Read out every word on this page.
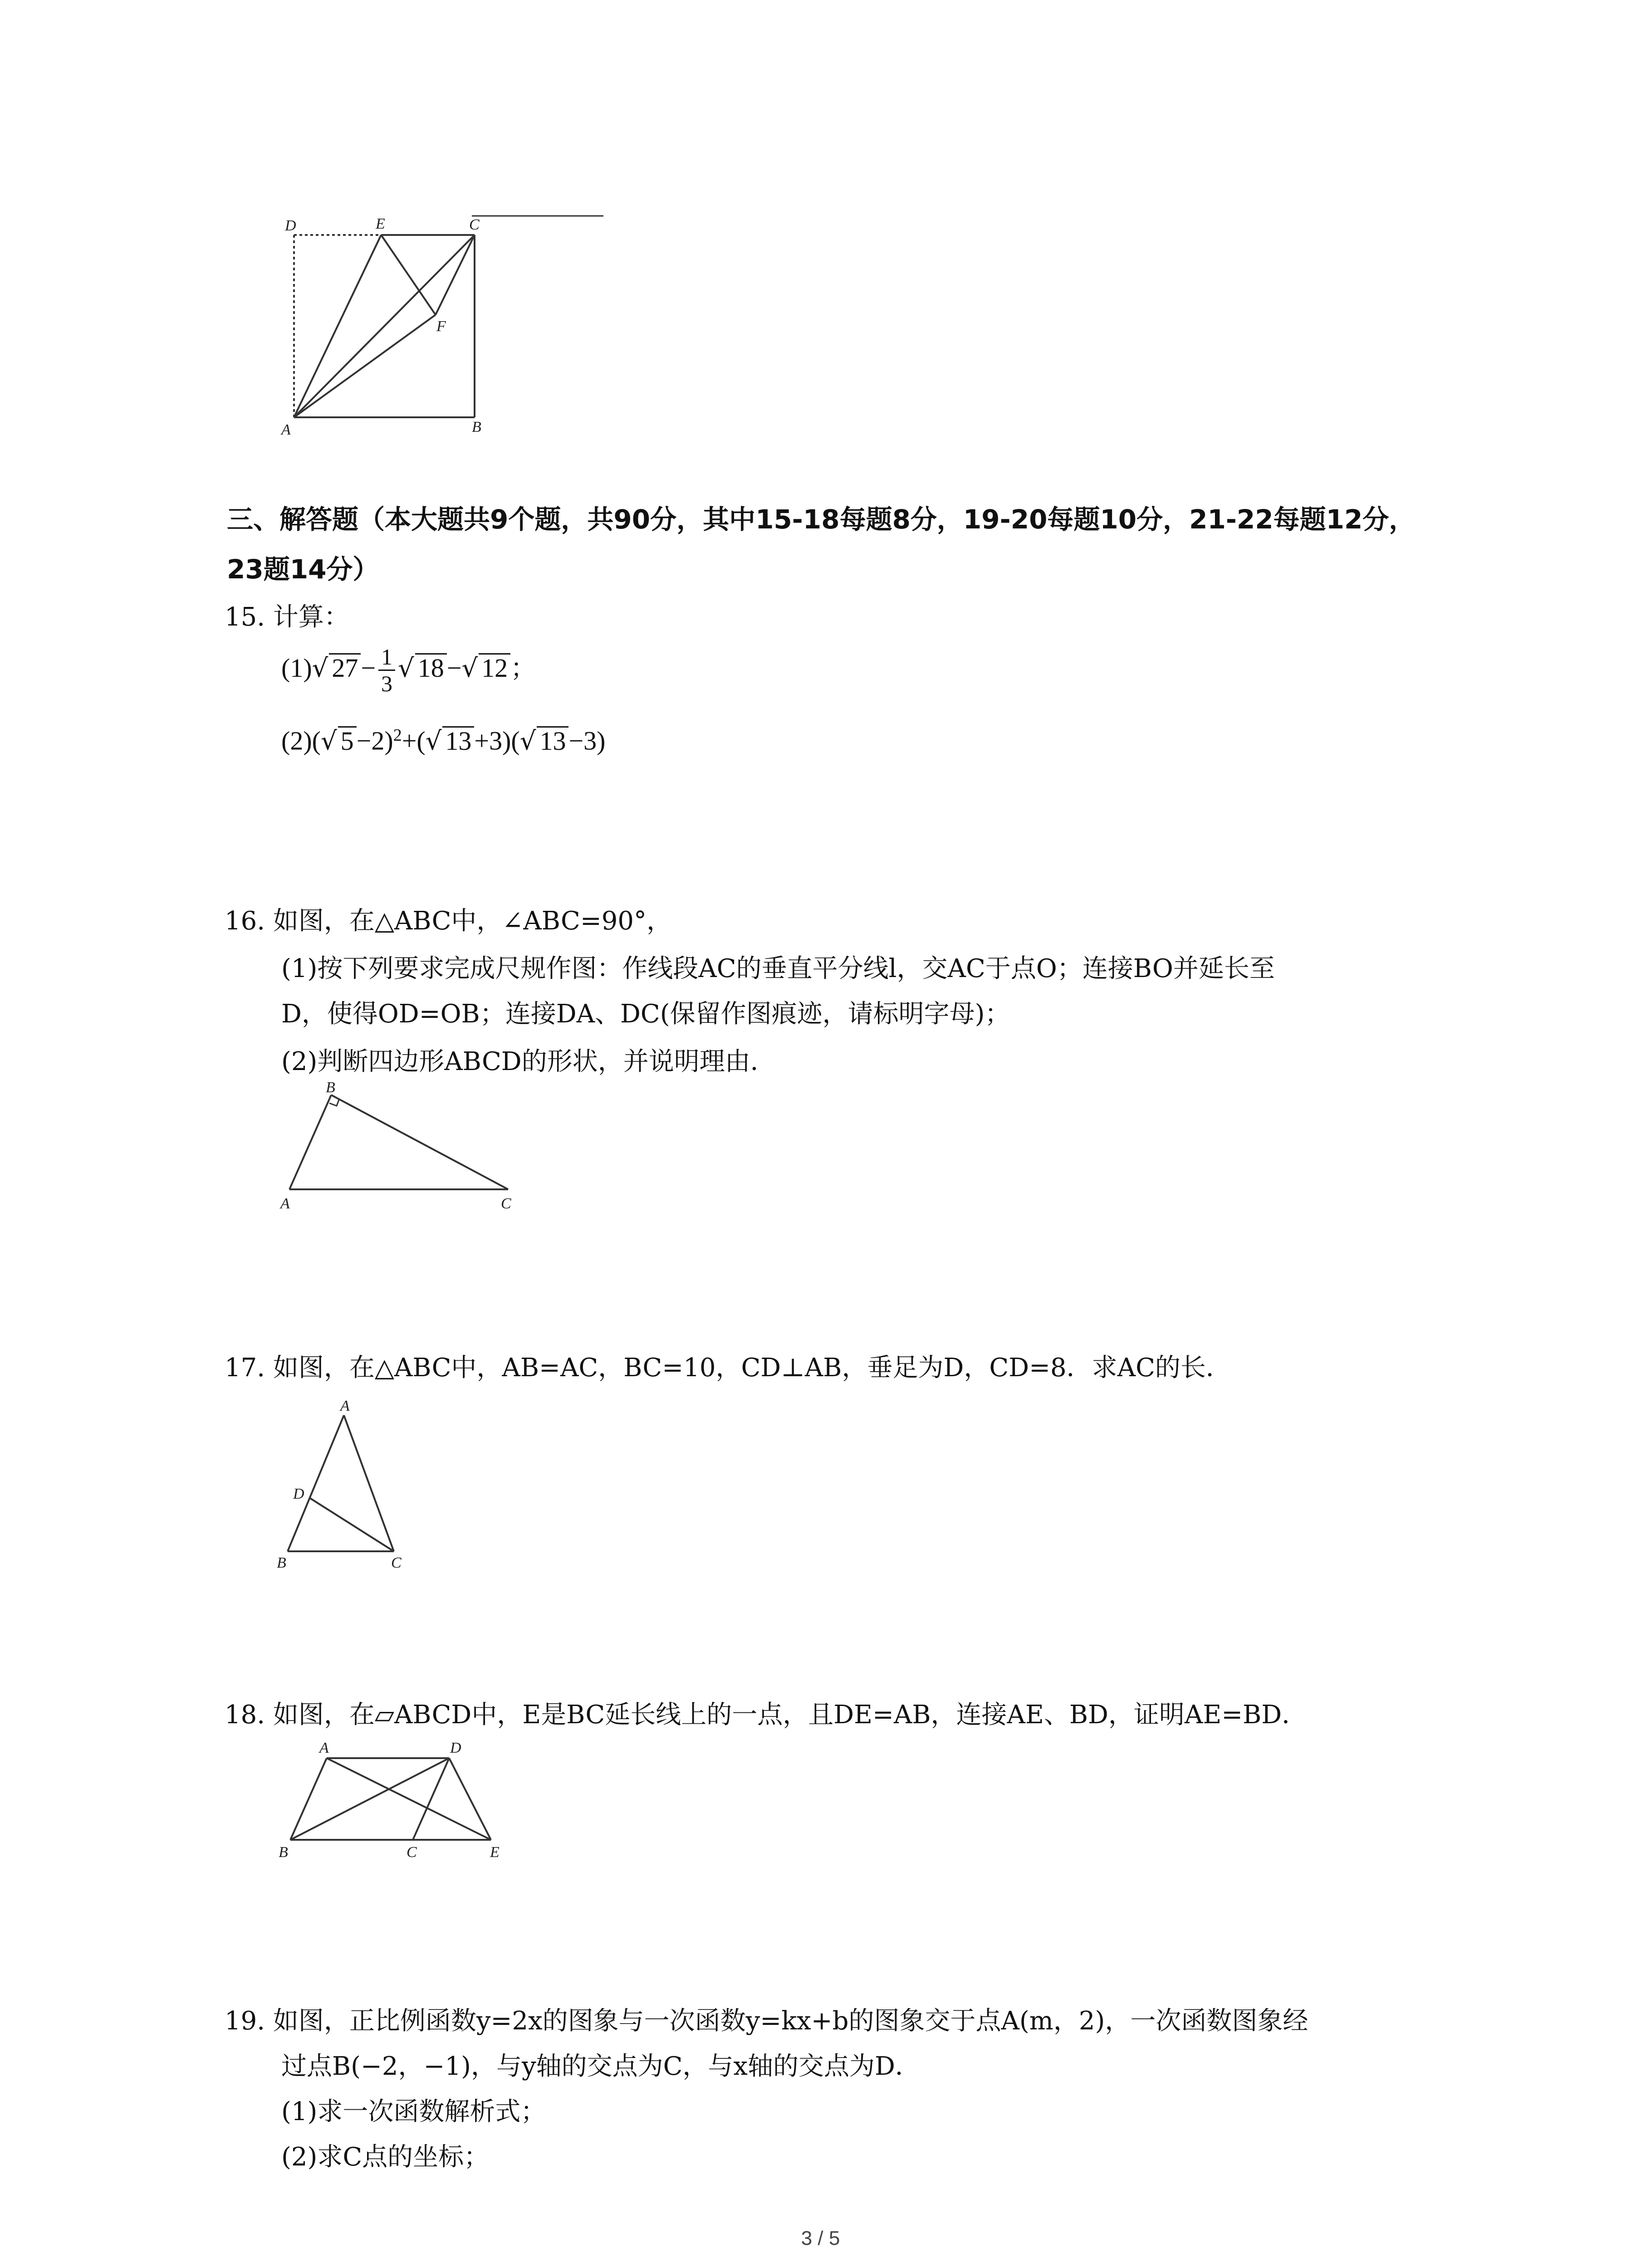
D	E	C
F
A	B
三、解答题（本大题共9个题，共90分，其中15-18每题8分，19-20每题10分，21-22每题12分，23题14分）
15. 计算：
(1)√ $27 - \frac{1}{3}$ √ 18 −√ 12 ；
(2)(√ 5 −2)$^2$+(√ 13 +3)(√ 13 −3)
16. 如图，在△ABC中，∠ABC=90°，
(1)按下列要求完成尺规作图：作线段AC的垂直平分线l，交AC于点O；连接BO并延长至
D，使得OD=OB；连接DA、DC(保留作图痕迹，请标明字母)；
(2)判断四边形ABCD的形状，并说明理由．
B
A	C
17. 如图，在△ABC中，AB=AC，BC=10，CD⊥AB，垂足为D，CD=8．求AC的长．
A
D
B	C
18. 如图，在▱ABCD中，E是BC延长线上的一点，且DE=AB，连接AE、BD，证明AE=BD．
A	D
B	C	E
19. 如图，正比例函数y=2x的图象与一次函数y=kx+b的图象交于点A(m，2)，一次函数图象经
过点B(−2，−1)，与y轴的交点为C，与x轴的交点为D．
(1)求一次函数解析式；
(2)求C点的坐标；
3 / 5
